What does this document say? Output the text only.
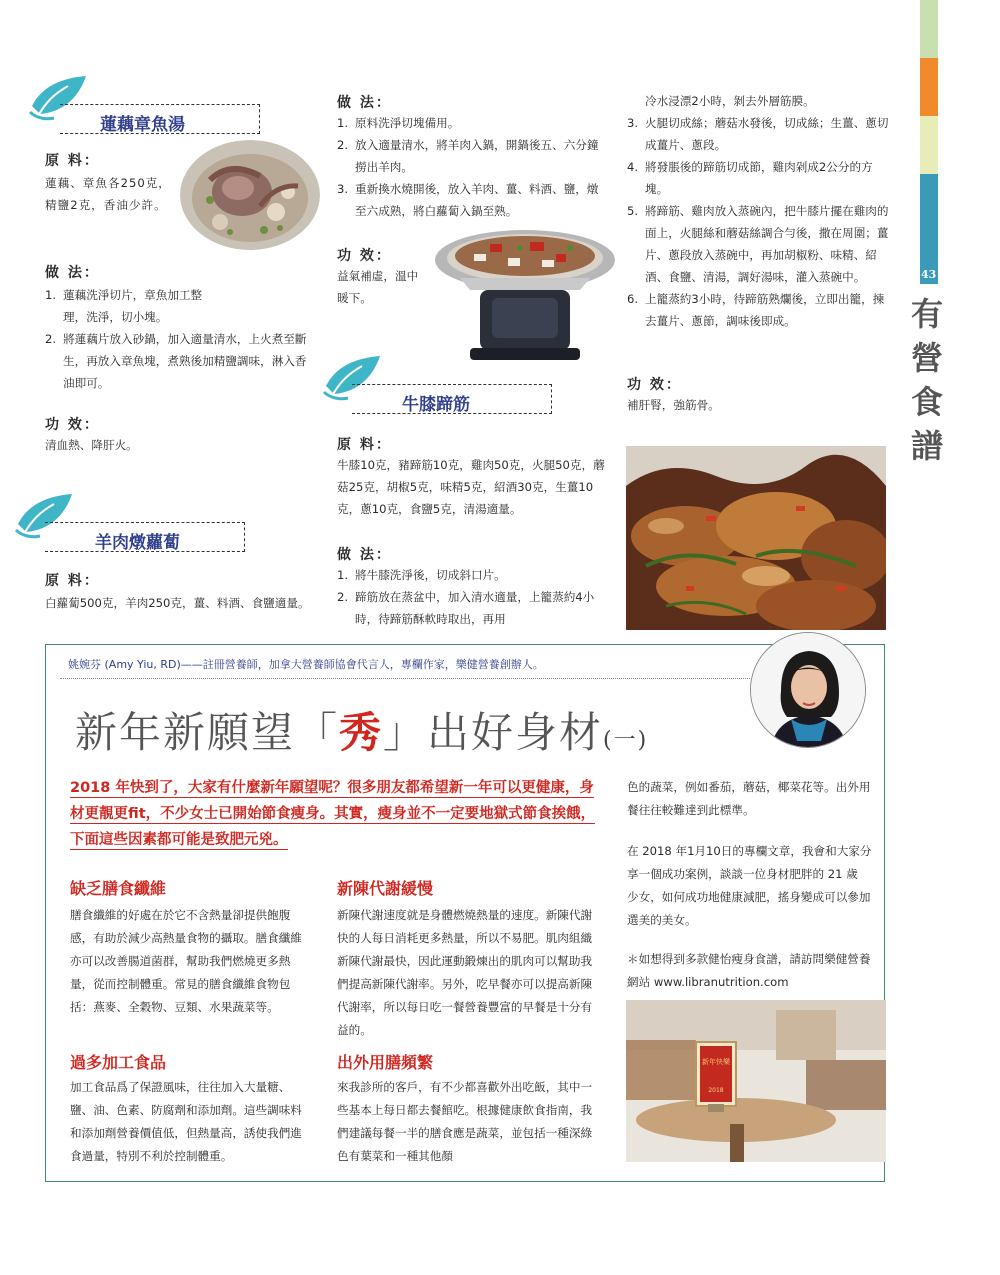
43
有營食譜
蓮藕章魚湯
原 料：
蓮藕、章魚各250克，精鹽2克，香油少許。
做 法：
1. 蓮藕洗淨切片，章魚加工整理，洗淨，切小塊。
2. 將蓮藕片放入砂鍋，加入適量清水，上火煮至斷生，再放入章魚塊，煮熟後加精鹽調味，淋入香油即可。
功 效：
清血熱、降肝火。
羊肉燉蘿蔔
原 料：
白蘿蔔500克，羊肉250克，薑、料酒、食鹽適量。
做 法：
1. 原料洗淨切塊備用。
2. 放入適量清水，將羊肉入鍋，開鍋後五、六分鐘撈出羊肉。
3. 重新換水燒開後，放入羊肉、薑、料酒、鹽，燉至六成熟，將白蘿蔔入鍋至熟。
功 效：
益氣補虛，溫中暖下。
牛膝蹄筋
原 料：
牛膝10克，豬蹄筋10克，雞肉50克，火腿50克，蘑菇25克，胡椒5克，味精5克，紹酒30克，生薑10克，蔥10克，食鹽5克，清湯適量。
做 法：
1. 將牛膝洗淨後，切成斜口片。
2. 蹄筋放在蒸盆中，加入清水適量，上籠蒸約4小時，待蹄筋酥軟時取出，再用
冷水浸漂2小時，剝去外層筋膜。
3. 火腿切成絲；蘑菇水發後，切成絲；生薑、蔥切成薑片、蔥段。
4. 將發脹後的蹄筋切成節，雞肉剁成2公分的方塊。
5. 將蹄筋、雞肉放入蒸碗內，把牛膝片擺在雞肉的面上，火腿絲和蘑菇絲調合勻後，撒在周圍；薑片、蔥段放入蒸碗中，再加胡椒粉、味精、紹酒、食鹽、清湯，調好湯味，灌入蒸碗中。
6. 上籠蒸約3小時，待蹄筋熟爛後，立即出籠，揀去薑片、蔥節，調味後即成。
功 效：
補肝腎，強筋骨。
姚婉芬 (Amy Yiu, RD)——註冊營養師，加拿大營養師協會代言人，專欄作家，樂健營養創辦人。
新年新願望「秀」出好身材(一)
2018 年快到了，大家有什麼新年願望呢？很多朋友都希望新一年可以更健康，身材更靚更fit，不少女士已開始節食瘦身。其實，瘦身並不一定要地獄式節食挨餓，下面這些因素都可能是致肥元兇。
缺乏膳食纖維
膳食纖維的好處在於它不含熱量卻提供飽腹感，有助於減少高熱量食物的攝取。膳食纖維亦可以改善腸道菌群，幫助我們燃燒更多熱量，從而控制體重。常見的膳食纖維食物包括：燕麥、全穀物、豆類、水果蔬菜等。
過多加工食品
加工食品爲了保證風味，往往加入大量糖、鹽、油、色素、防腐劑和添加劑。這些調味料和添加劑營養價值低，但熱量高，誘使我們進食過量，特別不利於控制體重。
新陳代謝緩慢
新陳代謝速度就是身體燃燒熱量的速度。新陳代謝快的人每日消耗更多熱量，所以不易肥。肌肉組織新陳代謝最快，因此運動鍛煉出的肌肉可以幫助我們提高新陳代謝率。另外，吃早餐亦可以提高新陳代謝率，所以每日吃一餐營養豐富的早餐是十分有益的。
出外用膳頻繁
來我診所的客戶，有不少都喜歡外出吃飯，其中一些基本上每日都去餐館吃。根據健康飲食指南，我們建議每餐一半的膳食應是蔬菜，並包括一種深綠色有葉菜和一種其他顏
色的蔬菜，例如番茄，蘑菇，椰菜花等。出外用餐往往較難達到此標準。
在 2018 年1月10日的專欄文章，我會和大家分享一個成功案例，談談一位身材肥胖的 21 歲 少女，如何成功地健康減肥，搖身變成可以參加選美的美女。
＊如想得到多款健怡瘦身食譜，請訪問樂健營養網站 www.libranutrition.com
新年快樂
2018
